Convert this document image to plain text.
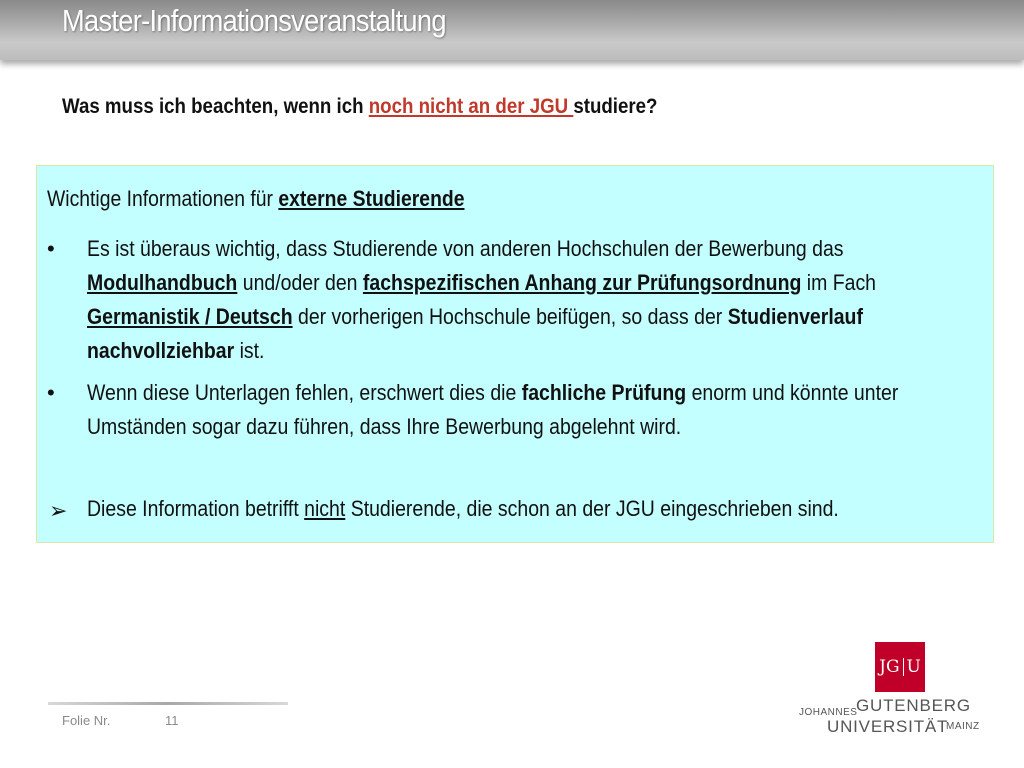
Master-Informationsveranstaltung
Was muss ich beachten, wenn ich noch nicht an der JGU studiere?
Wichtige Informationen für externe Studierende
• Es ist überaus wichtig, dass Studierende von anderen Hochschulen der Bewerbung das Modulhandbuch und/oder den fachspezifischen Anhang zur Prüfungsordnung im Fach Germanistik / Deutsch der vorherigen Hochschule beifügen, so dass der Studienverlauf nachvollziehbar ist.
• Wenn diese Unterlagen fehlen, erschwert dies die fachliche Prüfung enorm und könnte unter Umständen sogar dazu führen, dass Ihre Bewerbung abgelehnt wird.
➢ Diese Information betrifft nicht Studierende, die schon an der JGU eingeschrieben sind.
Folie Nr.	11
JG U
JOHANNES
GUTENBERG
UNIVERSITÄT
MAINZ
